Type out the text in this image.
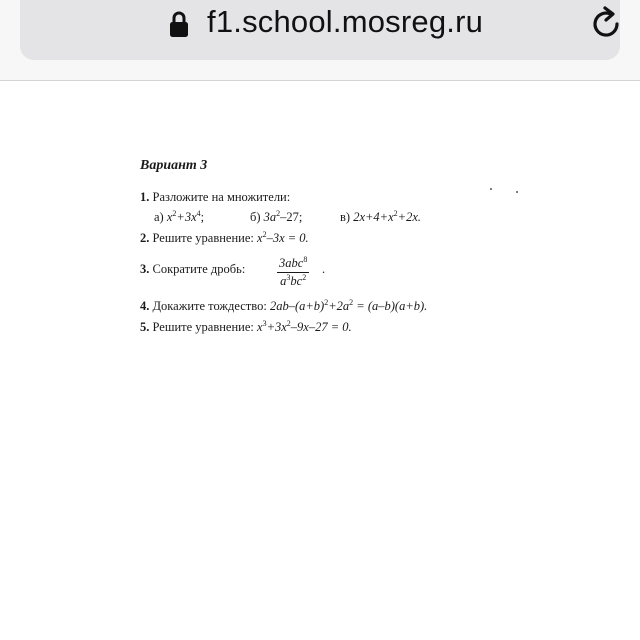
f1.school.mosreg.ru
Вариант 3
1. Разложите на множители:
а) $x^2+3x^4$;	б) $3a^2-27$;	в) $2x+4+x^2+2x$.
2. Решите уравнение: $x^2-3x = 0$.
3. Сократите дробь:	3abc$^8$
$a^3bc^2$
.
4. Докажите тождество: $2ab-(a+b)^2+2a^2 = (a-b)(a+b)$.
5. Решите уравнение: $x^3+3x^2-9x-27 = 0$.
